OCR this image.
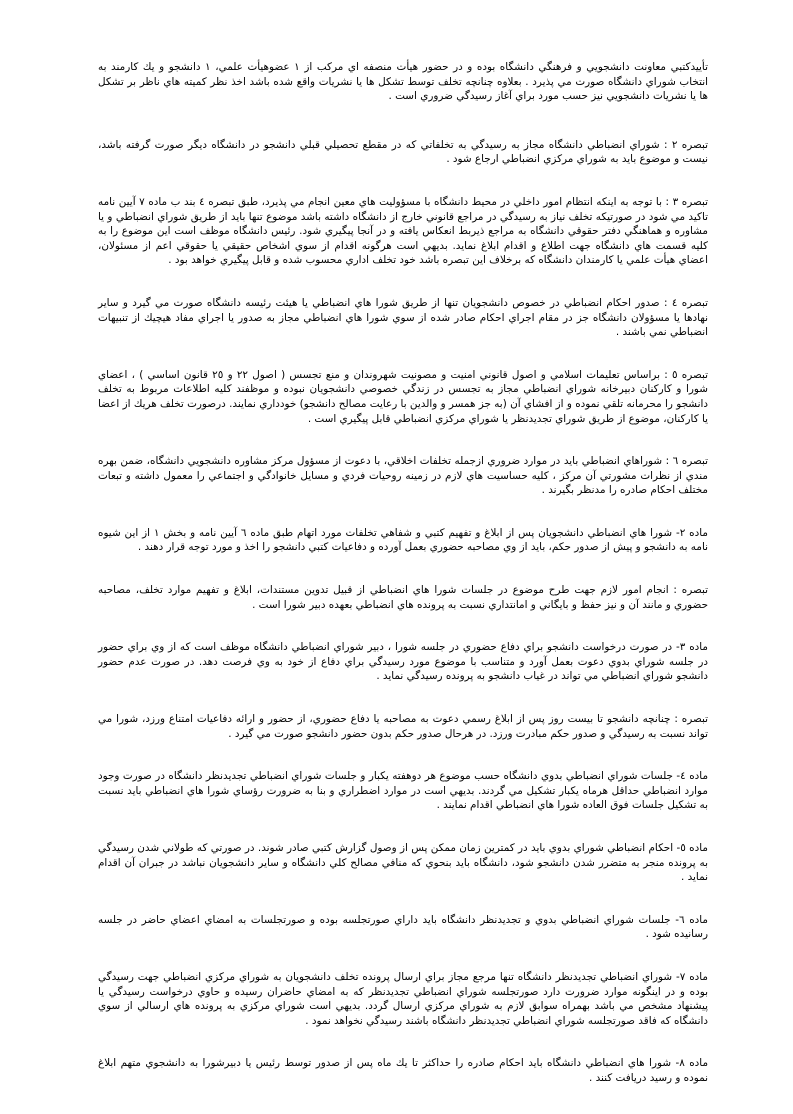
تأييدكتبي معاونت دانشجويي و فرهنگي دانشگاه بوده و در حضور هيأت منصفه اي مركب از ۱ عضوهيأت علمي، ۱ دانشجو و يك كارمند به انتخاب شوراي دانشگاه صورت مي پذيرد . بعلاوه چنانچه تخلف توسط تشكل ها يا نشريات واقع شده باشد اخذ نظر كميته هاي ناظر بر تشكل ها يا نشريات دانشجويي نيز حسب مورد براي آغاز رسيدگي ضروري است .

تبصره ۲ : شوراي انضباطي دانشگاه مجاز به رسيدگي به تخلفاتي كه در مقطع تحصيلي قبلي دانشجو در دانشگاه ديگر صورت گرفته باشد، نيست و موضوع بايد به شوراي مركزي انضباطي ارجاع شود .

تبصره ۳ : با توجه به اينكه انتظام امور داخلي در محيط دانشگاه با مسؤوليت هاي معين انجام مي پذيرد، طبق تبصره ٤ بند ب ماده ۷ آيين نامه تاكيد مي شود در صورتيكه تخلف نياز به رسيدگي در مراجع قانوني خارج از دانشگاه داشته باشد موضوع تنها بايد از طريق شوراي انضباطي و يا مشاوره و هماهنگي دفتر حقوقي دانشگاه به مراجع ذيربط انعكاس يافته و در آنجا پيگيري شود. رئيس دانشگاه موظف است اين موضوع را به كليه قسمت هاي دانشگاه جهت اطلاع و اقدام ابلاغ نمايد. بديهي است هرگونه اقدام از سوي اشخاص حقيقي يا حقوقي اعم از مسئولان، اعضاي هيأت علمي يا كارمندان دانشگاه كه برخلاف اين تبصره باشد خود تخلف اداري محسوب شده و قابل پيگيري خواهد بود .

تبصره ٤ : صدور احكام انضباطي در خصوص دانشجويان تنها از طريق شورا هاي انضباطي يا هيئت رئيسه دانشگاه صورت مي گيرد و ساير نهادها يا مسؤولان دانشگاه جز در مقام اجراي احكام صادر شده از سوي شورا هاي انضباطي مجاز به صدور يا اجراي مفاد هيچيك از تنبيهات انضباطي نمي باشند .

تبصره ٥ : براساس تعليمات اسلامي و اصول قانوني امنيت و مصونيت شهروندان و منع تجسس ( اصول ۲۲ و ۲٥ قانون اساسي ) ، اعضاي شورا و كاركنان دبيرخانه شوراي انضباطي مجاز به تجسس در زندگي خصوصي دانشجويان نبوده و موظفند كليه اطلاعات مربوط به تخلف دانشجو را محرمانه تلقي نموده و از افشاي آن (به جز همسر و والدين با رعايت مصالح دانشجو) خودداري نمايند. درصورت تخلف هريك از اعضا يا كاركنان، موضوع از طريق شوراي تجديدنظر يا شوراي مركزي انضباطي قابل پيگيري است .

تبصره ٦ : شوراهاي انضباطي بايد در موارد ضروري ازجمله تخلفات اخلاقي، با دعوت از مسؤول مركز مشاوره دانشجويي دانشگاه، ضمن بهره مندي از نظرات مشورتي آن مركز ، كليه حساسيت هاي لازم در زمينه روحيات فردي و مسايل خانوادگي و اجتماعي را معمول داشته و تبعات مختلف احكام صادره را مدنظر بگيرند .

ماده ۲- شورا هاي انضباطي دانشجويان پس از ابلاغ و تفهيم كتبي و شفاهي تخلفات مورد اتهام طبق ماده ٦ آيين نامه و بخش ۱ از اين شيوه نامه به دانشجو و پيش از صدور حكم، بايد از وي مصاحبه حضوري بعمل آورده و دفاعيات كتبي دانشجو را اخذ و مورد توجه قرار دهند .

تبصره : انجام امور لازم جهت طرح موضوع در جلسات شورا هاي انضباطي از قبيل تدوين مستندات، ابلاغ و تفهيم موارد تخلف، مصاحبه حضوري و مانند آن و نيز حفظ و بايگاني و امانتداري نسبت به پرونده هاي انضباطي بعهده دبير شورا است .

ماده ۳- در صورت درخواست دانشجو براي دفاع حضوري در جلسه شورا ، دبير شوراي انضباطي دانشگاه موظف است كه از وي براي حضور در جلسه شوراي بدوي دعوت بعمل آورد و متناسب با موضوع مورد رسيدگي براي دفاع از خود به وي فرصت دهد. در صورت عدم حضور دانشجو شوراي انضباطي مي تواند در غياب دانشجو به پرونده رسيدگي نمايد .

تبصره : چنانچه دانشجو تا بيست روز پس از ابلاغ رسمي دعوت به مصاحبه يا دفاع حضوري، از حضور و ارائه دفاعيات امتناع ورزد، شورا مي تواند نسبت به رسيدگي و صدور حكم مبادرت ورزد. در هرحال صدور حكم بدون حضور دانشجو صورت مي گيرد .

ماده ٤- جلسات شوراي انضباطي بدوي دانشگاه حسب موضوع هر دوهفته يكبار و جلسات شوراي انضباطي تجديدنظر دانشگاه در صورت وجود موارد انضباطي حداقل هرماه يكبار تشكيل مي گردند. بديهي است در موارد اضطراري و بنا به ضرورت رؤساي شورا هاي انضباطي بايد نسبت به تشكيل جلسات فوق العاده شورا هاي انضباطي اقدام نمايند .

ماده ٥- احكام انضباطي شوراي بدوي بايد در كمترين زمان ممكن پس از وصول گزارش كتبي صادر شوند. در صورتي كه طولاني شدن رسيدگي به پرونده منجر به متضرر شدن دانشجو شود، دانشگاه بايد بنحوي كه منافي مصالح كلي دانشگاه و ساير دانشجويان نباشد در جبران آن اقدام نمايد .

ماده ٦- جلسات شوراي انضباطي بدوي و تجديدنظر دانشگاه بايد داراي صورتجلسه بوده و صورتجلسات به امضاي اعضاي حاضر در جلسه رسانيده شود .

ماده ۷- شوراي انضباطي تجديدنظر دانشگاه تنها مرجع مجاز براي ارسال پرونده تخلف دانشجويان به شوراي مركزي انضباطي جهت رسيدگي بوده و در اينگونه موارد ضرورت دارد صورتجلسه شوراي انضباطي تجديدنظر كه به امضاي حاضران رسيده و حاوي درخواست رسيدگي يا پيشنهاد مشخص مي باشد بهمراه سوابق لازم به شوراي مركزي ارسال گردد. بديهي است شوراي مركزي به پرونده هاي ارسالي از سوي دانشگاه كه فاقد صورتجلسه شوراي انضباطي تجديدنظر دانشگاه باشند رسيدگي نخواهد نمود .

ماده ۸- شورا هاي انضباطي دانشگاه بايد احكام صادره را حداكثر تا يك ماه پس از صدور توسط رئيس يا دبيرشورا به دانشجوي متهم ابلاغ نموده و رسيد دريافت كنند .
